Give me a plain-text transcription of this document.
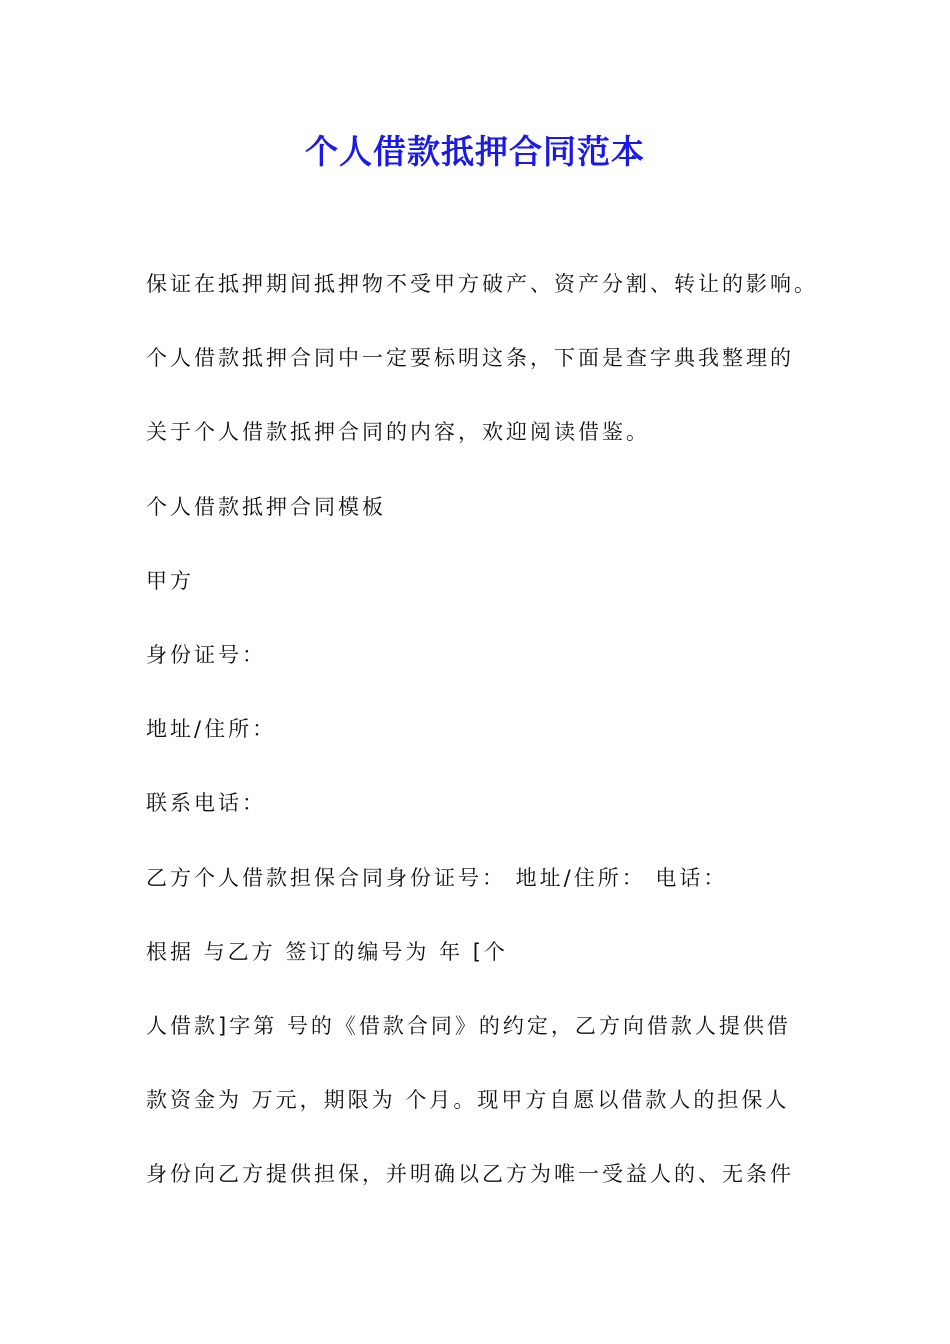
个人借款抵押合同范本
保证在抵押期间抵押物不受甲方破产、资产分割、转让的影响。
个人借款抵押合同中一定要标明这条，下面是查字典我整理的
关于个人借款抵押合同的内容，欢迎阅读借鉴。
个人借款抵押合同模板
甲方
身份证号：
地址/住所：
联系电话：
乙方个人借款担保合同身份证号： 地址/住所： 电话：
根据 与乙方 签订的编号为 年 [个
人借款]字第 号的《借款合同》的约定，乙方向借款人提供借
款资金为 万元，期限为 个月。现甲方自愿以借款人的担保人
身份向乙方提供担保，并明确以乙方为唯一受益人的、无条件
